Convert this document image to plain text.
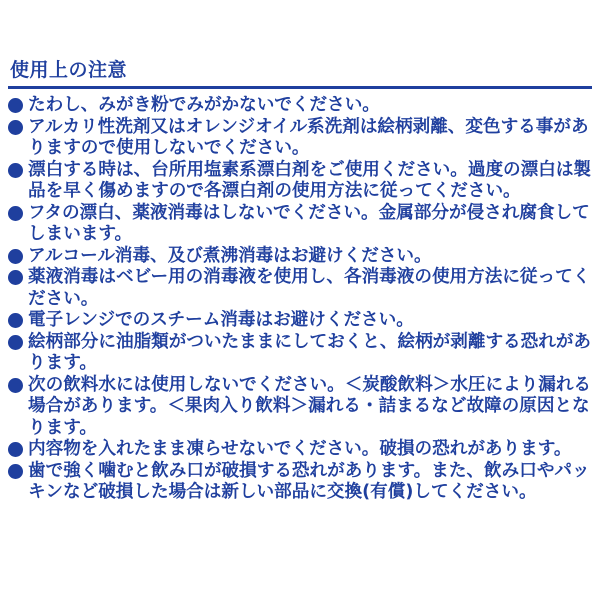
使用上の注意
たわし、みがき粉でみがかないでください。
アルカリ性洗剤又はオレンジオイル系洗剤は絵柄剥離、変色する事がありますので使用しないでください。
漂白する時は、台所用塩素系漂白剤をご使用ください。過度の漂白は製品を早く傷めますので各漂白剤の使用方法に従ってください。
フタの漂白、薬液消毒はしないでください。金属部分が侵され腐食してしまいます。
アルコール消毒、及び煮沸消毒はお避けください。
薬液消毒はベビー用の消毒液を使用し、各消毒液の使用方法に従ってください。
電子レンジでのスチーム消毒はお避けください。
絵柄部分に油脂類がついたままにしておくと、絵柄が剥離する恐れがあります。
次の飲料水には使用しないでください。＜炭酸飲料＞水圧により漏れる場合があります。＜果肉入り飲料＞漏れる・詰まるなど故障の原因となります。
内容物を入れたまま凍らせないでください。破損の恐れがあります。
歯で強く噛むと飲み口が破損する恐れがあります。また、飲み口やパッキンなど破損した場合は新しい部品に交換(有償)してください。
